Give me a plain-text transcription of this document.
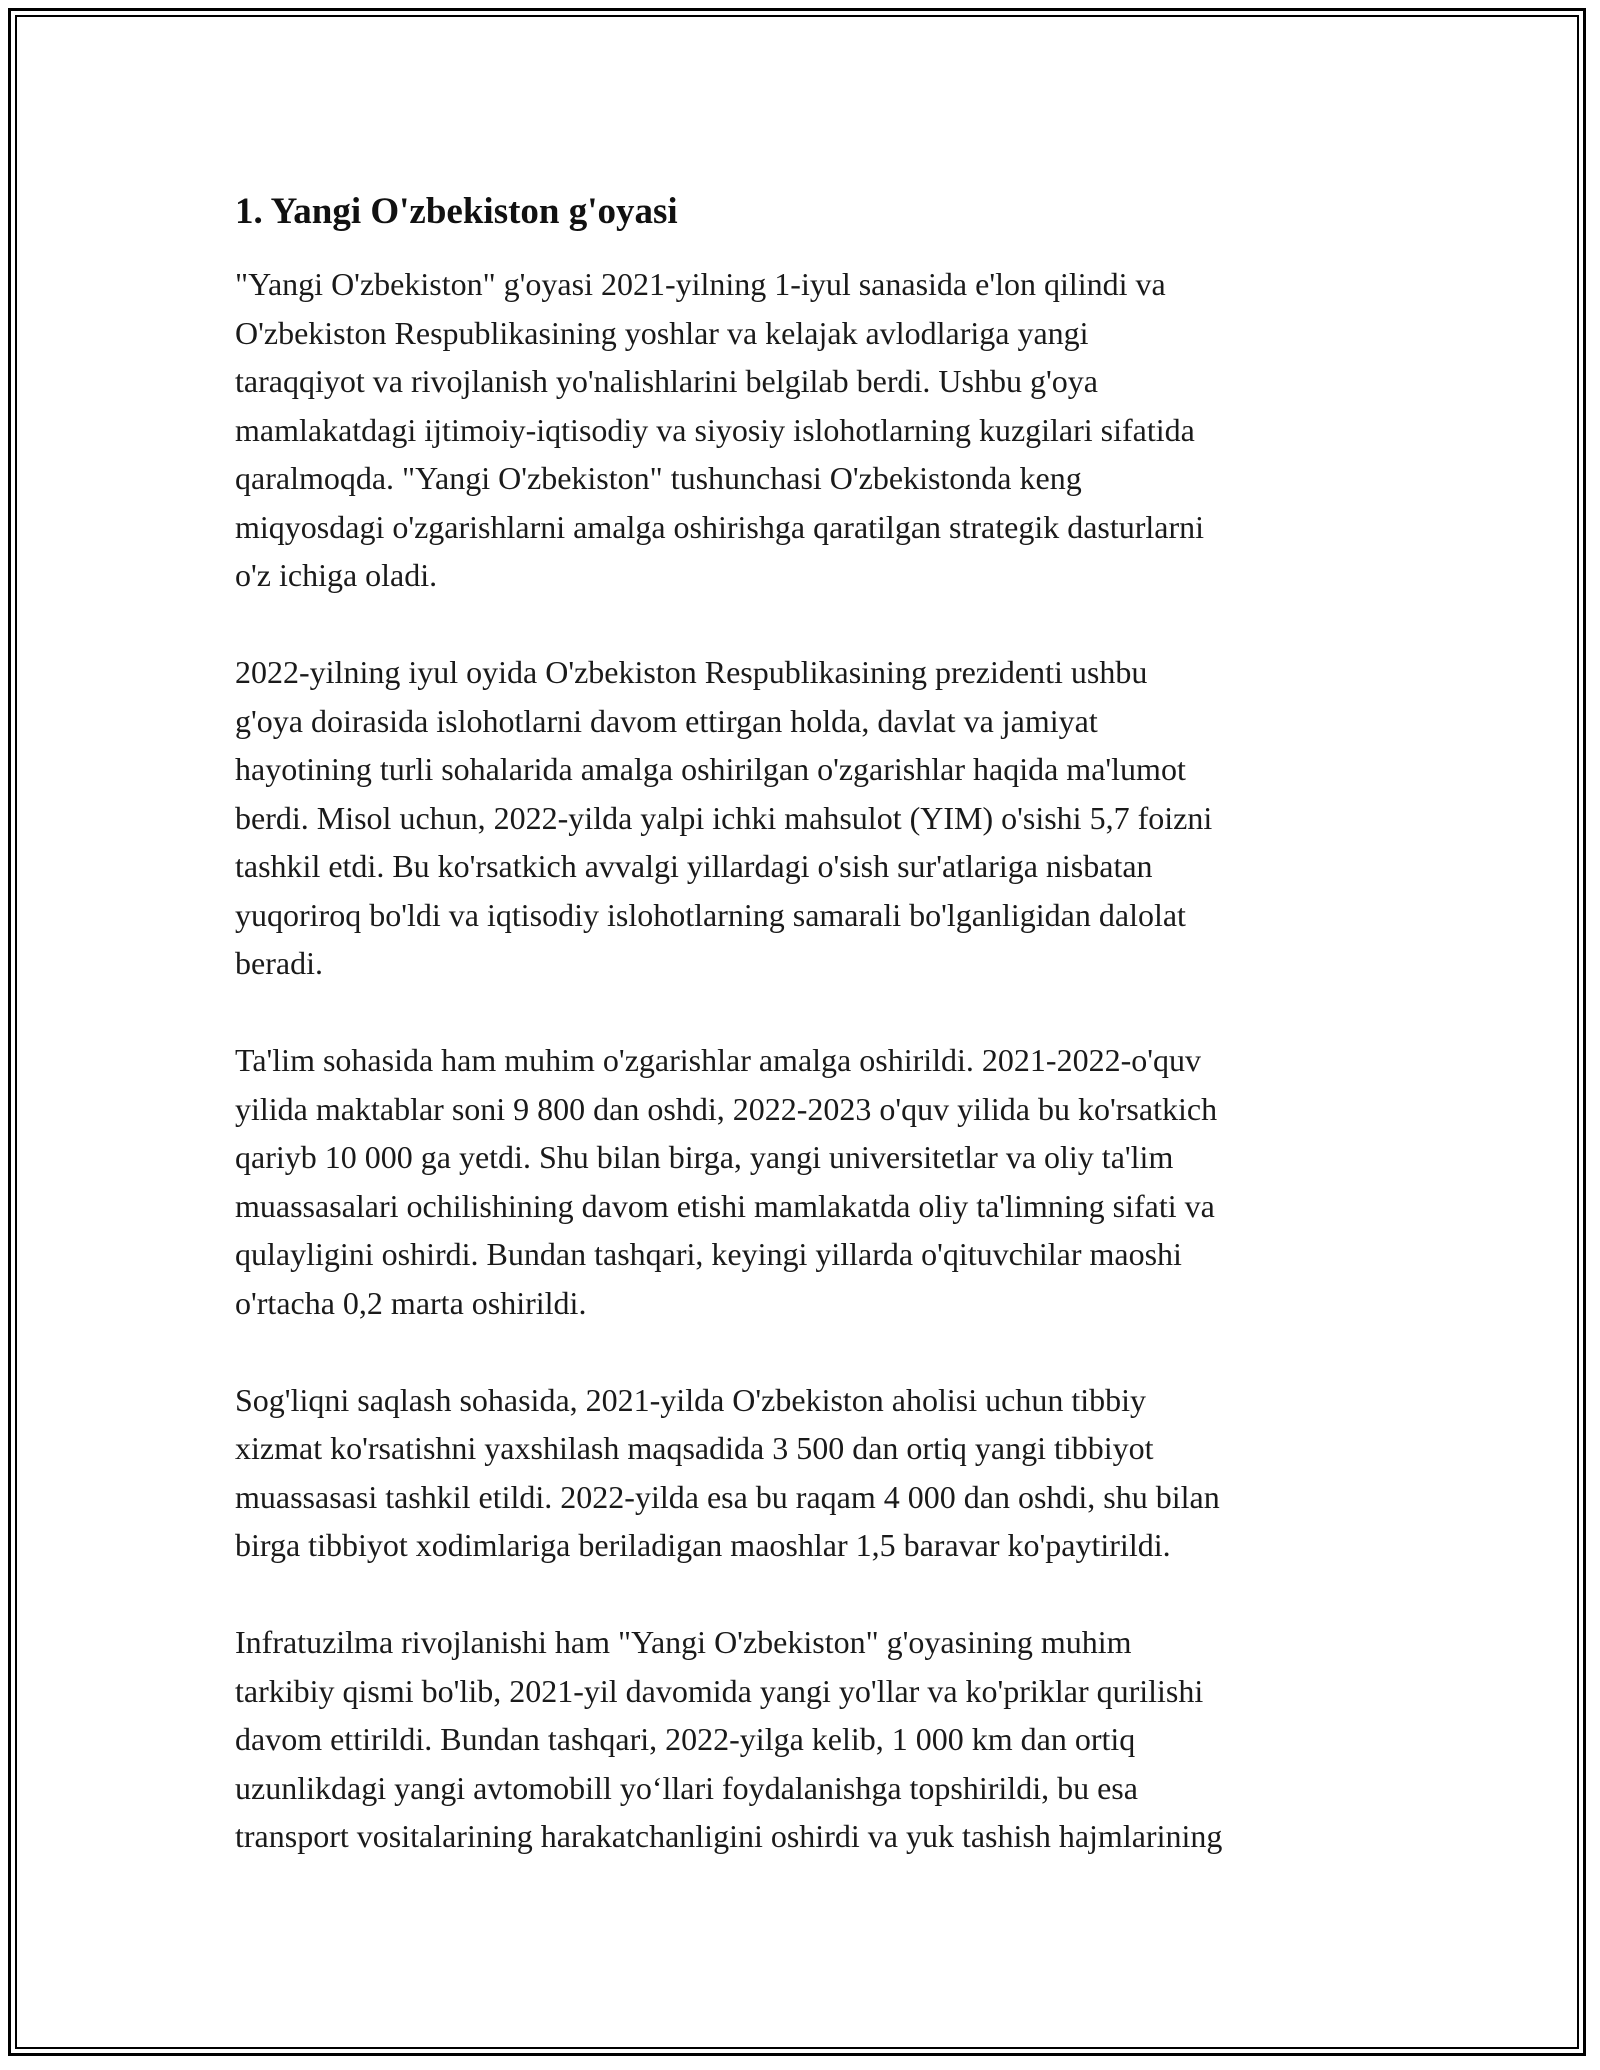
1. Yangi O'zbekiston g'oyasi

"Yangi O'zbekiston" g'oyasi 2021-yilning 1-iyul sanasida e'lon qilindi va
O'zbekiston Respublikasining yoshlar va kelajak avlodlariga yangi
taraqqiyot va rivojlanish yo'nalishlarini belgilab berdi. Ushbu g'oya
mamlakatdagi ijtimoiy-iqtisodiy va siyosiy islohotlarning kuzgilari sifatida
qaralmoqda. "Yangi O'zbekiston" tushunchasi O'zbekistonda keng
miqyosdagi o'zgarishlarni amalga oshirishga qaratilgan strategik dasturlarni
o'z ichiga oladi.

2022-yilning iyul oyida O'zbekiston Respublikasining prezidenti ushbu
g'oya doirasida islohotlarni davom ettirgan holda, davlat va jamiyat
hayotining turli sohalarida amalga oshirilgan o'zgarishlar haqida ma'lumot
berdi. Misol uchun, 2022-yilda yalpi ichki mahsulot (YIM) o'sishi 5,7 foizni
tashkil etdi. Bu ko'rsatkich avvalgi yillardagi o'sish sur'atlariga nisbatan
yuqoriroq bo'ldi va iqtisodiy islohotlarning samarali bo'lganligidan dalolat
beradi.

Ta'lim sohasida ham muhim o'zgarishlar amalga oshirildi. 2021-2022-o'quv
yilida maktablar soni 9 800 dan oshdi, 2022-2023 o'quv yilida bu ko'rsatkich
qariyb 10 000 ga yetdi. Shu bilan birga, yangi universitetlar va oliy ta'lim
muassasalari ochilishining davom etishi mamlakatda oliy ta'limning sifati va
qulayligini oshirdi. Bundan tashqari, keyingi yillarda o'qituvchilar maoshi
o'rtacha 0,2 marta oshirildi.

Sog'liqni saqlash sohasida, 2021-yilda O'zbekiston aholisi uchun tibbiy
xizmat ko'rsatishni yaxshilash maqsadida 3 500 dan ortiq yangi tibbiyot
muassasasi tashkil etildi. 2022-yilda esa bu raqam 4 000 dan oshdi, shu bilan
birga tibbiyot xodimlariga beriladigan maoshlar 1,5 baravar ko'paytirildi.

Infratuzilma rivojlanishi ham "Yangi O'zbekiston" g'oyasining muhim
tarkibiy qismi bo'lib, 2021-yil davomida yangi yo'llar va ko'priklar qurilishi
davom ettirildi. Bundan tashqari, 2022-yilga kelib, 1 000 km dan ortiq
uzunlikdagi yangi avtomobill yo‘llari foydalanishga topshirildi, bu esa
transport vositalarining harakatchanligini oshirdi va yuk tashish hajmlarining
